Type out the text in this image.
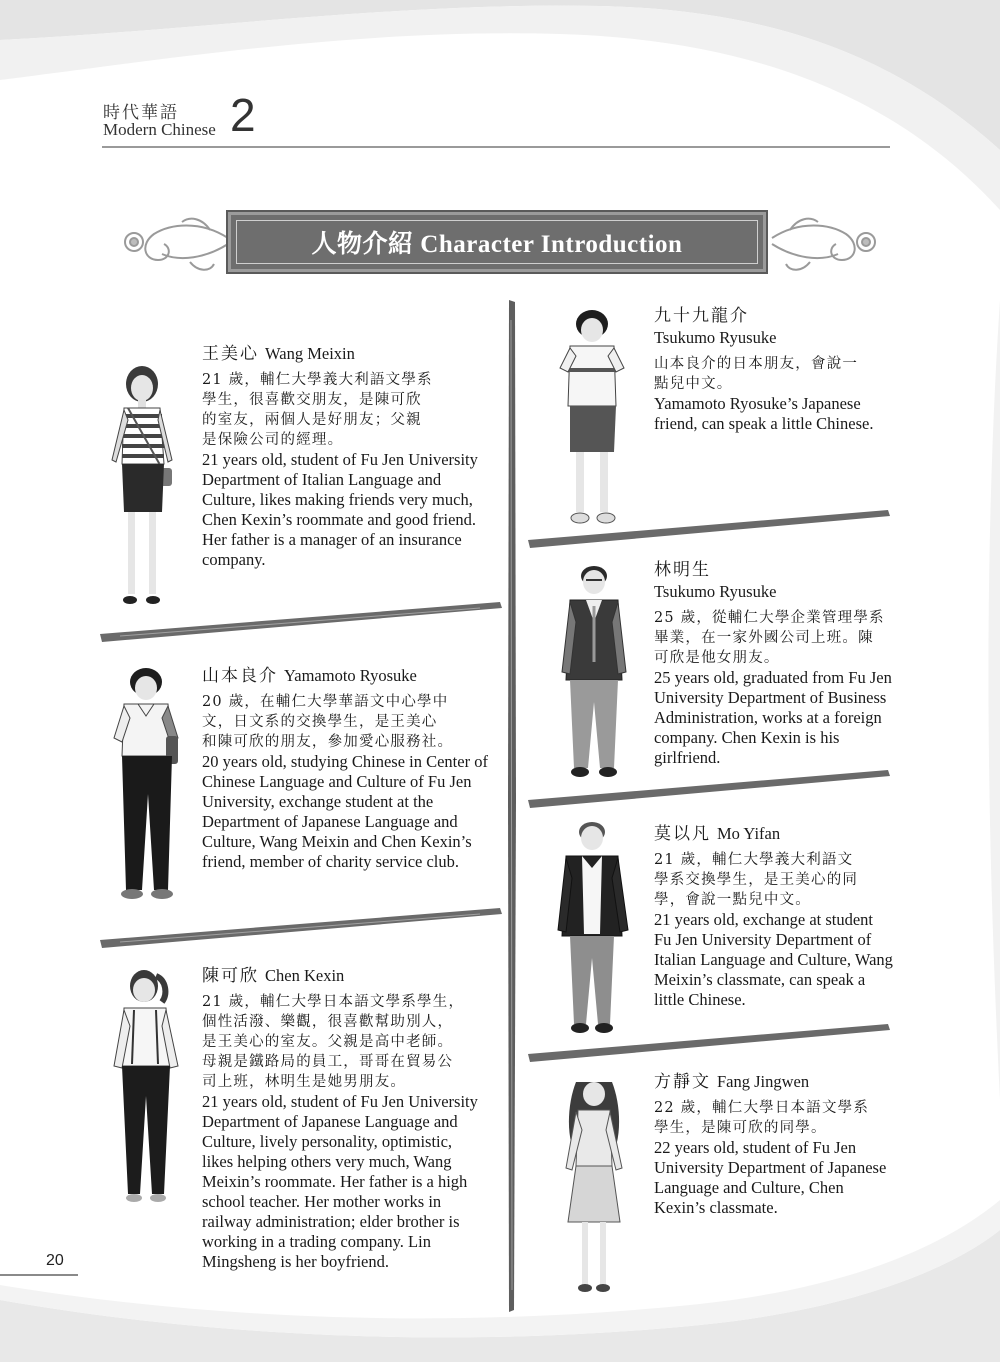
時代華語
Modern Chinese 2
人物介紹 Character Introduction
王美心 Wang Meixin
21 歲，輔仁大學義大利語文學系
學生，很喜歡交朋友，是陳可欣
的室友，兩個人是好朋友；父親
是保險公司的經理。
21 years old, student of Fu Jen University Department of Italian Language and Culture, likes making friends very much, Chen Kexin’s roommate and good friend. Her father is a manager of an insurance company.
山本良介 Yamamoto Ryosuke
20 歲，在輔仁大學華語文中心學中
文，日文系的交換學生，是王美心
和陳可欣的朋友，參加愛心服務社。
20 years old, studying Chinese in Center of Chinese Language and Culture of Fu Jen University, exchange student at the Department of Japanese Language and Culture, Wang Meixin and Chen Kexin’s friend, member of charity service club.
陳可欣 Chen Kexin
21 歲，輔仁大學日本語文學系學生，
個性活潑、樂觀，很喜歡幫助別人，
是王美心的室友。父親是高中老師。
母親是鐵路局的員工，哥哥在貿易公
司上班，林明生是她男朋友。
21 years old, student of Fu Jen University Department of Japanese Language and Culture, lively personality, optimistic, likes helping others very much, Wang Meixin’s roommate. Her father is a high school teacher. Her mother works in railway administration; elder brother is working in a trading company. Lin Mingsheng is her boyfriend.
九十九龍介
Tsukumo Ryusuke
山本良介的日本朋友，會說一
點兒中文。
Yamamoto Ryosuke’s Japanese friend, can speak a little Chinese.
林明生
Tsukumo Ryusuke
25 歲，從輔仁大學企業管理學系
畢業，在一家外國公司上班。陳
可欣是他女朋友。
25 years old, graduated from Fu Jen University Department of Business Administration, works at a foreign company. Chen Kexin is his girlfriend.
莫以凡 Mo Yifan
21 歲，輔仁大學義大利語文
學系交換學生，是王美心的同
學，會說一點兒中文。
21 years old, exchange at student Fu Jen University Department of Italian Language and Culture, Wang Meixin’s classmate, can speak a little Chinese.
方靜文 Fang Jingwen
22 歲，輔仁大學日本語文學系
學生，是陳可欣的同學。
22 years old, student of Fu Jen University Department of Japanese Language and Culture, Chen Kexin’s classmate.
20
